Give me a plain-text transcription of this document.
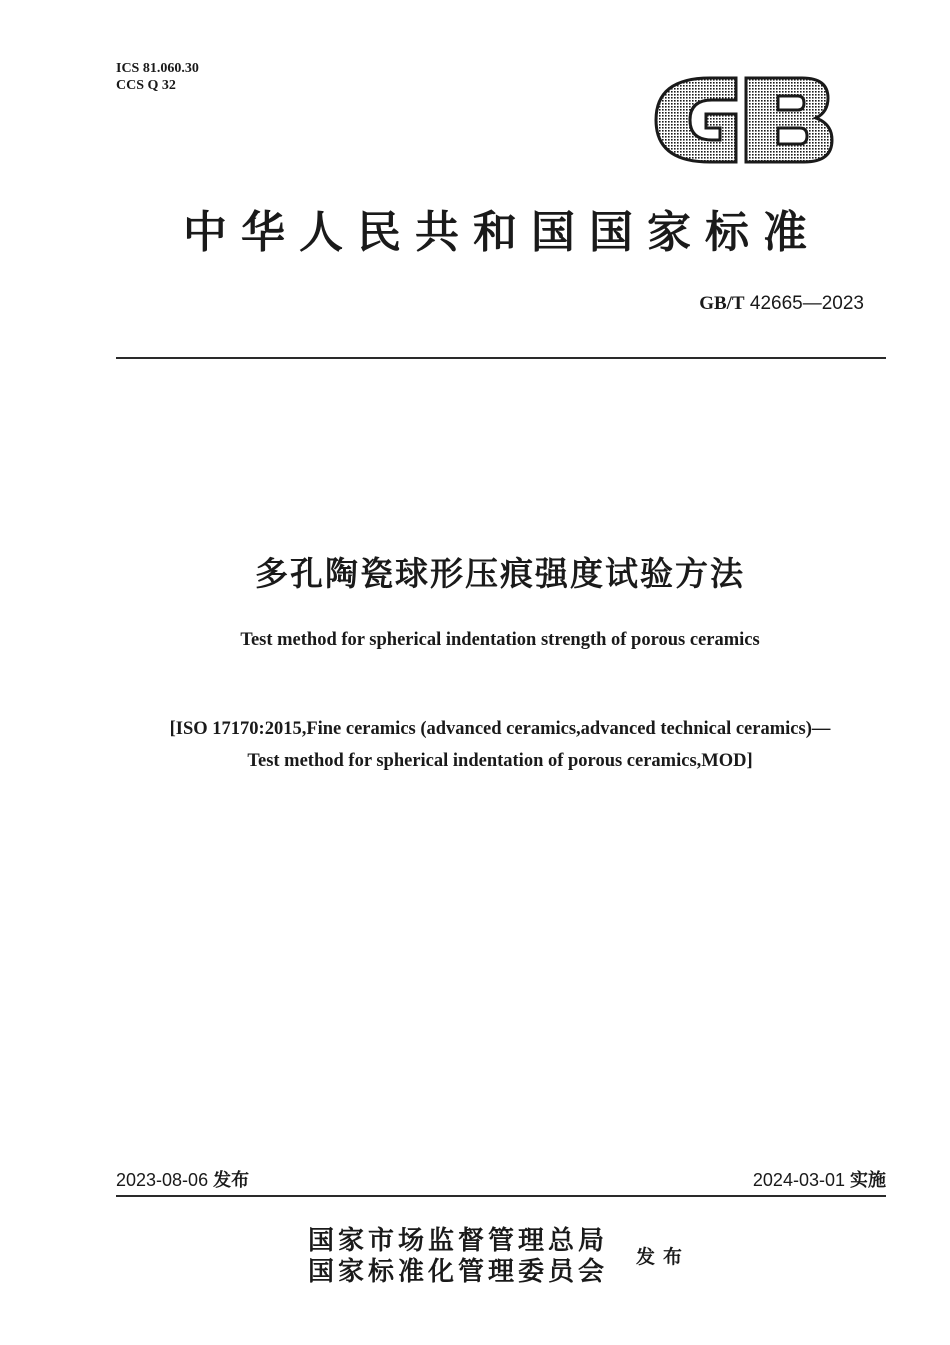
ICS 81.060.30
CCS Q 32
中华人民共和国国家标准
GB/T 42665—2023
多孔陶瓷球形压痕强度试验方法
Test method for spherical indentation strength of porous ceramics
[ISO 17170:2015,Fine ceramics (advanced ceramics,advanced technical ceramics)—
Test method for spherical indentation of porous ceramics,MOD]
2023-08-06 发布	2024-03-01 实施
国家市场监督管理总局
国家标准化管理委员会 发布
